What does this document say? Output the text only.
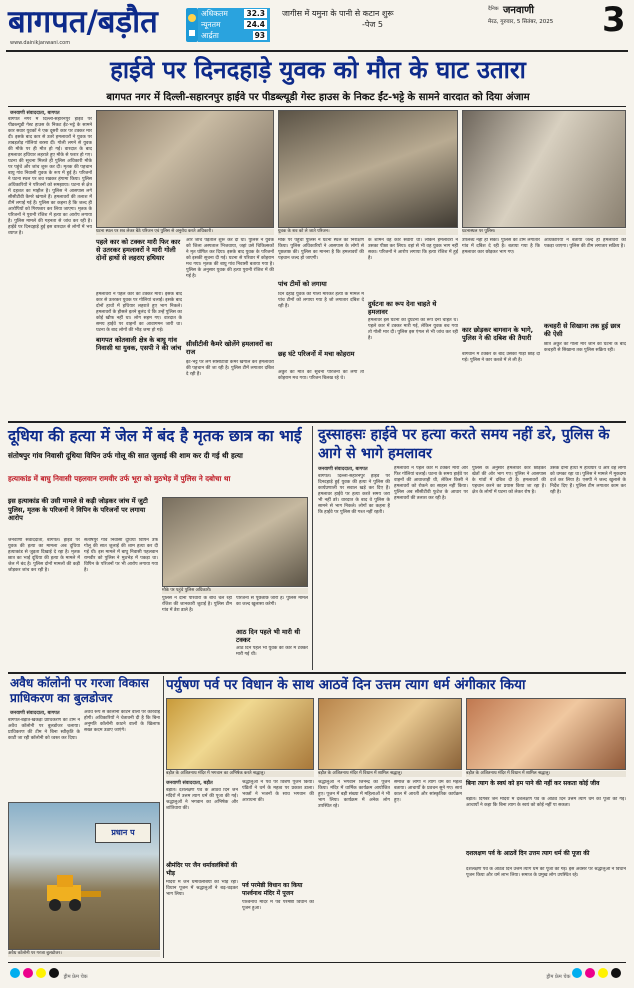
बागपत/बड़ौत
www.dainikjanwani.com
अधिकतम 32.3
न्यूनतम	24.4
आर्द्रता	93
जागीस में यमुना के पानी से कटान शुरू
-पेज 5
दैनिक जनवाणी
मेरठ, गुरुवार, 5 सितंबर, 2025 3
हाईवे पर दिनदहाड़े युवक को मौत के घाट उतारा
बागपत नगर में दिल्ली-सहारनपुर हाईवे पर पीडब्ल्यूडी गेस्ट हाउस के निकट ईंट-भट्टे के सामने वारदात को दिया अंजाम
जनवाणी संवाददाता, बागपत
बागपत नगर में दिल्ली-सहारनपुर हाईवे पर पीडब्ल्यूडी गेस्ट हाउस के निकट ईंट-भट्टे के सामने कार सवार युवकों ने एक दूसरी कार पर टक्कर मार दी। इसके बाद कार से उतरे हमलावरों ने युवक पर ताबड़तोड़ गोलियां बरसा दीं। गोली लगने से युवक की मौके पर ही मौत हो गई। वारदात के बाद हमलावर हथियार लहराते हुए मौके से फरार हो गए। घटना की सूचना मिलते ही पुलिस अधिकारी मौके पर पहुंचे और जांच शुरू कर दी। मृतक की पहचान बाघु गांव निवासी युवक के रूप में हुई है। परिजनों ने घटना स्थल पर शव रखकर हंगामा किया। पुलिस अधिकारियों ने परिजनों को समझाया। घटना से क्षेत्र में दहशत का माहौल है। पुलिस ने आसपास लगे सीसीटीवी कैमरे खंगाले हैं। हमलावरों की तलाश में टीमें लगाई गई हैं। पुलिस का कहना है कि जल्द ही आरोपियों को गिरफ्तार कर लिया जाएगा। मृतक के परिजनों ने पुरानी रंजिश में हत्या का आरोप लगाया है। पुलिस मामले की गहनता से जांच कर रही है। हाईवे पर दिनदहाड़े हुई इस वारदात से लोगों में भय व्याप्त है।	घटना स्थल पर शव लेकर बैठे परिजन एवं पुलिस से अनुरोध करते अधिकारी।
पहले कार को टक्कर मारी फिर कार से उतरकर हमलावरों ने मारी गोली दोनों हाथों से लहराए हथियार
हमलावरों ने पहले कार को टक्कर मारी। इसके बाद कार से उतरकर युवक पर गोलियां चलाईं। इसके बाद दोनों हाथों में हथियार लहराते हुए भाग निकले। हमलावरों के हौसले इतने बुलंद थे कि उन्हें पुलिस का कोई खौफ नहीं था। लोग सहम गए। वारदात के समय हाईवे पर वाहनों का आवागमन जारी था। घटना के बाद लोगों की भीड़ जमा हो गई।
बागपत कोतवाली क्षेत्र के बाघु गांव निवासी था युवक, एसपी ने की जांच
और जांच पड़ताल शुरू कर दी थी। पुलिस ने युवक को जिला अस्पताल भिजवाया, जहां उसे चिकित्सकों ने मृत घोषित कर दिया। इसके बाद युवक के परिजनों को इसकी सूचना दी गई। घटना से परिवार में कोहराम मच गया। मृतक की बाघु गांव निवासी बताया गया है। पुलिस के अनुसार युवक की हत्या पुरानी रंजिश में की गई है।
सीसीटीवी कैमरे खोलेंगे हमलावरों का राज
ईंट-भट्टे पर लगे सीसीटीवी कैमरे खंगाल कर हमलावरों की पहचान की जा रही है। पुलिस टीमें लगातार दबिश दे रही हैं।
युवक के शव को ले जाते परिजन।
मौके पर पहुंची पुलिस ने घटना स्थल का निरीक्षण किया। पुलिस अधिकारियों ने आसपास के लोगों से पूछताछ की। पुलिस का मानना है कि हमलावरों की पहचान जल्द हो जाएगी।
पांच टीमों को लगाया
दिन दहाड़े युवक की गोली मारकर हत्या के मामले में पांच टीमों को लगाया गया है जो लगातार दबिश दे रही हैं।
छह घंटे परिजनों में मचा कोहराम
अंकुर की मौत की सूचना परिजनों को लगी तो कोहराम मच गया। परिजन बिलख रहे थे।
के शामने वह कार सवारी थी। लेकिन हमलावरों ने उसका पीछा कर लिया। वहां से भी वह युवक भाग नहीं सका। परिजनों ने आरोप लगाया कि हत्या रंजिश में हुई है।
दुर्घटना का रूप देना चाहते थे हमलावर
हमलावर इस घटना को दुर्घटना का रूप देना चाहते थे। पहले कार में टक्कर मारी गई, लेकिन युवक बच गया तो गोली मार दी। पुलिस इस एंगल से भी जांच कर रही है।
घटनास्थल पर पुलिस।
उपलब्ध नहीं हो सका। पुलिस की टीम लगातार गांव में दबिश दे रही है। बताया गया है कि हमलावर कार छोड़कर भाग गए।
कार छोड़कर बागवान के भागे, पुलिस ने की दबिश की तैयारी
बागवान में टक्कर के बाद उसकी गाड़ी छोड़ दी गई। पुलिस ने कार कब्जे में ले ली है।
अधिकारियों ने बताया जल्द ही हमलावरों को पकड़ा जाएगा। पुलिस की टीम लगातार सक्रिय है।
कचहरी से सिखाना तक हुई छात्र की ऐसी
छात्र अंकुर को गोली मारे जाने की घटना के बाद कचहरी से सिखाना तक पुलिस सक्रिय रही।
दूधिया की हत्या में जेल में बंद है मृतक छात्र का भाई
संतोषपुर गांव निवासी दूधिया विपिन उर्फ गोलू की सात जुलाई की शाम कर दी गई थी हत्या
हत्याकांड में बाघु निवासी पहलवान रामवीर उर्फ भूरा को मुठभेड़ में पुलिस ने दबोचा था
इस हत्याकांड की उसी मामले से कड़ी जोड़कर जांच में जुटी पुलिस, मृतक के परिजनों ने विपिन के परिजनों पर लगाया आरोप
जनवाणी संवाददाता, बागपत। हाईवे पर युवक की हत्या का मामला अब दूधिया हत्याकांड से जुड़ता दिखाई दे रहा है। मृतक छात्र का भाई दूधिया की हत्या के मामले में जेल में बंद है। पुलिस दोनों मामलों की कड़ी जोड़कर जांच कर रही है।
संतोषपुर गांव निवासी दूधिया विपिन उर्फ गोलू की सात जुलाई की शाम हत्या कर दी गई थी। इस मामले में बाघु निवासी पहलवान रामवीर को पुलिस ने मुठभेड़ में पकड़ा था। विपिन के परिजनों पर भी आरोप लगाया गया है।
मौके पर पहुंचे पुलिस अधिकारी।
पुलिस ने दोनों परिवारों के बीच चल रही रंजिश की जानकारी जुटाई है। पुलिस टीम गांव में डेरा डाले है।
परिजनों से पूछताछ जारी है। पुलिस मामले का जल्द खुलासा करेगी।
आठ दिन पहले भी मारी थी टक्कर
आठ दिन पहले भी युवक की कार में टक्कर मारी गई थी।
दुस्साहसः हाईवे पर हत्या करते समय नहीं डरे, पुलिस के आगे से भागे हमलावर
जनवाणी संवाददाता, बागपत
बागपत। दिल्ली-सहारनपुर हाईवे पर दिनदहाड़े हुई युवक की हत्या ने पुलिस की कार्यप्रणाली पर सवाल खड़े कर दिए हैं। हमलावर हाईवे पर हत्या करते समय जरा भी नहीं डरे। वारदात के बाद वे पुलिस के सामने से भाग निकले। लोगों का कहना है कि हाईवे पर पुलिस की गश्त नहीं रहती।
हमलावरों ने पहले कार में टक्कर मारी और फिर गोलियां चलाईं। घटना के समय हाईवे पर वाहनों की आवाजाही थी, लेकिन किसी ने हमलावरों को रोकने का साहस नहीं किया। पुलिस अब सीसीटीवी फुटेज के आधार पर हमलावरों की तलाश कर रही है।
पुलिस के अनुसार हमलावर कार छोड़कर खेतों की ओर भाग गए। पुलिस ने आसपास के गांवों में दबिश दी है। हमलावरों की पहचान करने का प्रयास किया जा रहा है। क्षेत्र के लोगों में घटना को लेकर रोष है।
उसके दोनों हाथों में हथियार थे और वह लोगों को धमका रहा था। पुलिस ने मामले में मुकदमा दर्ज कर लिया है। एसपी ने जल्द खुलासे के निर्देश दिए हैं। पुलिस टीम लगातार काम कर रही है।
अवैध कॉलोनी पर गरजा विकास प्राधिकरण का बुलडोजर
जनवाणी संवाददाता, बागपत
बागपत-बड़ौत-खेकड़ा प्राधिकरण की टीम ने अवैध कॉलोनी पर बुलडोजर चलाया। प्राधिकरण की टीम ने बिना स्वीकृति के काटी जा रही कॉलोनी को ध्वस्त कर दिया।
अवैध रूप से कॉलोनी काटने वालों पर कार्रवाई होगी। अधिकारियों ने चेतावनी दी है कि बिना अनुमति कॉलोनी काटने वालों के खिलाफ सख्त कदम उठाए जाएंगे।
प्रधान प
अवैध कॉलोनी पर गरजा बुलडोजर।
पर्युषण पर्व पर विधान के साथ आठवें दिन उत्तम त्याग धर्म अंगीकार किया
बड़ौत के अजितनाथ मंदिर में भगवान का अभिषेक करते श्रद्धालु।	बड़ौत के अजितनाथ मंदिर में विधान में शामिल श्रद्धालु।	बड़ौत के अजितनाथ मंदिर में विधान में शामिल श्रद्धालु।
जनवाणी संवाददाता, बड़ौत
बड़ौत। दशलक्षण पर्व के आठवें दिन जैन मंदिरों में उत्तम त्याग धर्म की पूजा की गई। श्रद्धालुओं ने भगवान का अभिषेक और शांतिधारा की।
श्रीमंदिर पर जैन धर्मावलंबियों की भीड़
मंदिरों में जैन धर्मावलंबियों की भीड़ रही। विधान पूजन में श्रद्धालुओं ने बढ़-चढ़कर भाग लिया।
श्रद्धालुओं ने पर्व पर विशेष पूजन किया। पंडितों ने धर्म के महत्व पर प्रकाश डाला। भक्तों ने भजनों के साथ भगवान की आराधना की।
पर्व परमेष्ठी विधान का किया पार्श्वनाथ मंदिर में पूजन
पार्श्वनाथ मंदिर में पर्व परमेष्ठी विधान का पूजन हुआ।
श्रद्धालुओं ने भगवान जिनेन्द्र का पूजन किया। मंदिर में धार्मिक कार्यक्रम आयोजित हुए। पूजन में बड़ी संख्या में महिलाओं ने भी भाग लिया। कार्यक्रम में अनेक लोग उपस्थित रहे।
समाज के लोगों ने त्याग धर्म का महत्व बताया। आचार्यों के प्रवचन सुने गए। सायं काल में आरती और सांस्कृतिक कार्यक्रम हुए।
बिना त्याग के स्वयं को हम पाने की नहीं कर सकता कोई जीव
बड़ौत। दिगंबर जैन मंदिरों में दशलक्षण पर्व के आठवें दिन उत्तम त्याग धर्म की पूजा की गई। आचार्यों ने कहा कि बिना त्याग के स्वयं को कोई नहीं पा सकता।
दशलक्षण पर्व के आठवें दिन उत्तम त्याग धर्म की पूजा की
दशलक्षण पर्व के आठवें दिन उत्तम त्याग धर्म की पूजा की गई। इस अवसर पर श्रद्धालुओं ने विधान पूजन किया और धर्म लाभ लिया। समाज के प्रमुख लोग उपस्थित रहे।
ड्रीम फ्रेम चेक	ड्रीम फ्रेम चेक
